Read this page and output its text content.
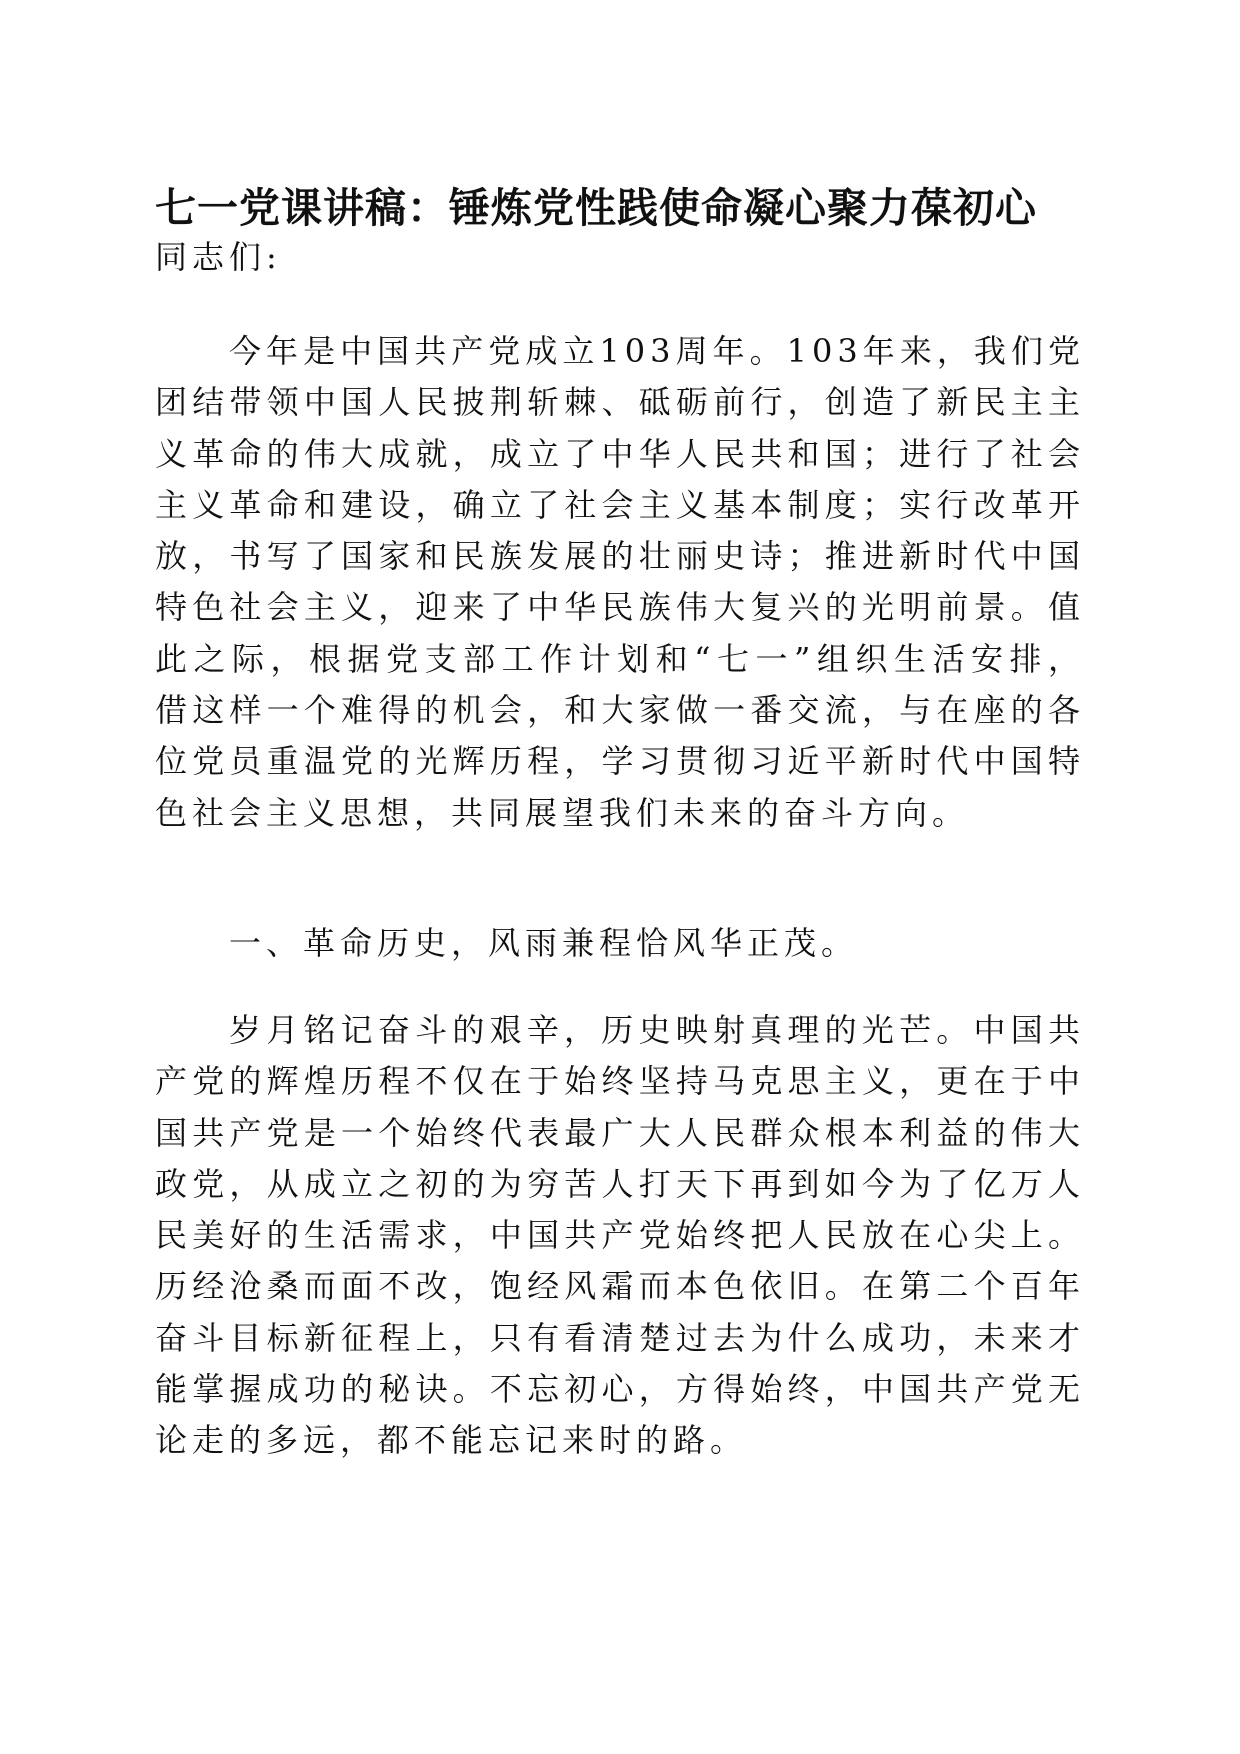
七一党课讲稿：锤炼党性践使命凝心聚力葆初心

同志们:

今年是中国共产党成立103周年。103年来，我们党团结带领中国人民披荆斩棘、砥砺前行，创造了新民主主义革命的伟大成就，成立了中华人民共和国；进行了社会主义革命和建设，确立了社会主义基本制度；实行改革开放，书写了国家和民族发展的壮丽史诗；推进新时代中国特色社会主义，迎来了中华民族伟大复兴的光明前景。值此之际，根据党支部工作计划和“七一”组织生活安排，借这样一个难得的机会，和大家做一番交流，与在座的各位党员重温党的光辉历程，学习贯彻习近平新时代中国特色社会主义思想，共同展望我们未来的奋斗方向。

一、革命历史，风雨兼程恰风华正茂。

岁月铭记奋斗的艰辛，历史映射真理的光芒。中国共产党的辉煌历程不仅在于始终坚持马克思主义，更在于中国共产党是一个始终代表最广大人民群众根本利益的伟大政党，从成立之初的为穷苦人打天下再到如今为了亿万人民美好的生活需求，中国共产党始终把人民放在心尖上。历经沧桑而面不改，饱经风霜而本色依旧。在第二个百年奋斗目标新征程上，只有看清楚过去为什么成功，未来才能掌握成功的秘诀。不忘初心，方得始终，中国共产党无论走的多远，都不能忘记来时的路。
